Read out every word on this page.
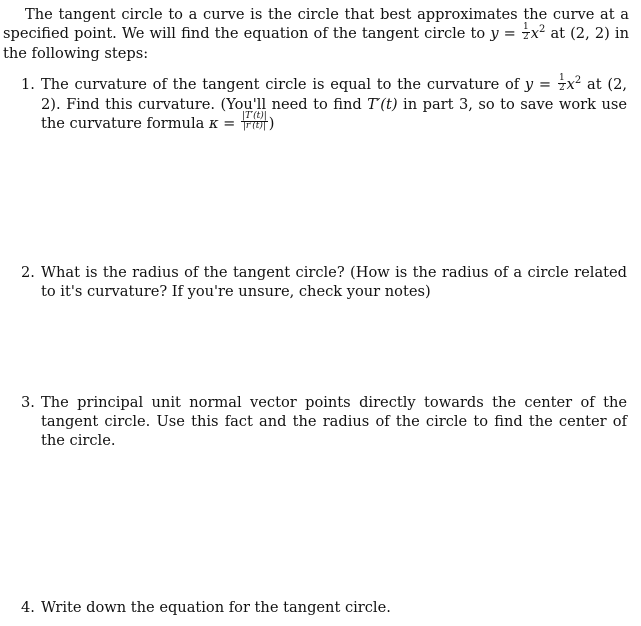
The tangent circle to a curve is the circle that best approximates the curve at a specified point. We will find the equation of the tangent circle to $y = \frac{1}{2} x^2$ at (2, 2) in the following steps:
1. The curvature of the tangent circle is equal to the curvature of $y = \frac{1}{2} x^2$ at (2, 2). Find this curvature. (You'll need to find T′(t) in part 3, so to save work use the curvature formula $\kappa = \frac{|T'(t)|}{|r'(t)|}$ )
2. What is the radius of the tangent circle? (How is the radius of a circle related to it's curvature? If you're unsure, check your notes)
3. The principal unit normal vector points directly towards the center of the tangent circle. Use this fact and the radius of the circle to find the center of the circle.
4. Write down the equation for the tangent circle.
